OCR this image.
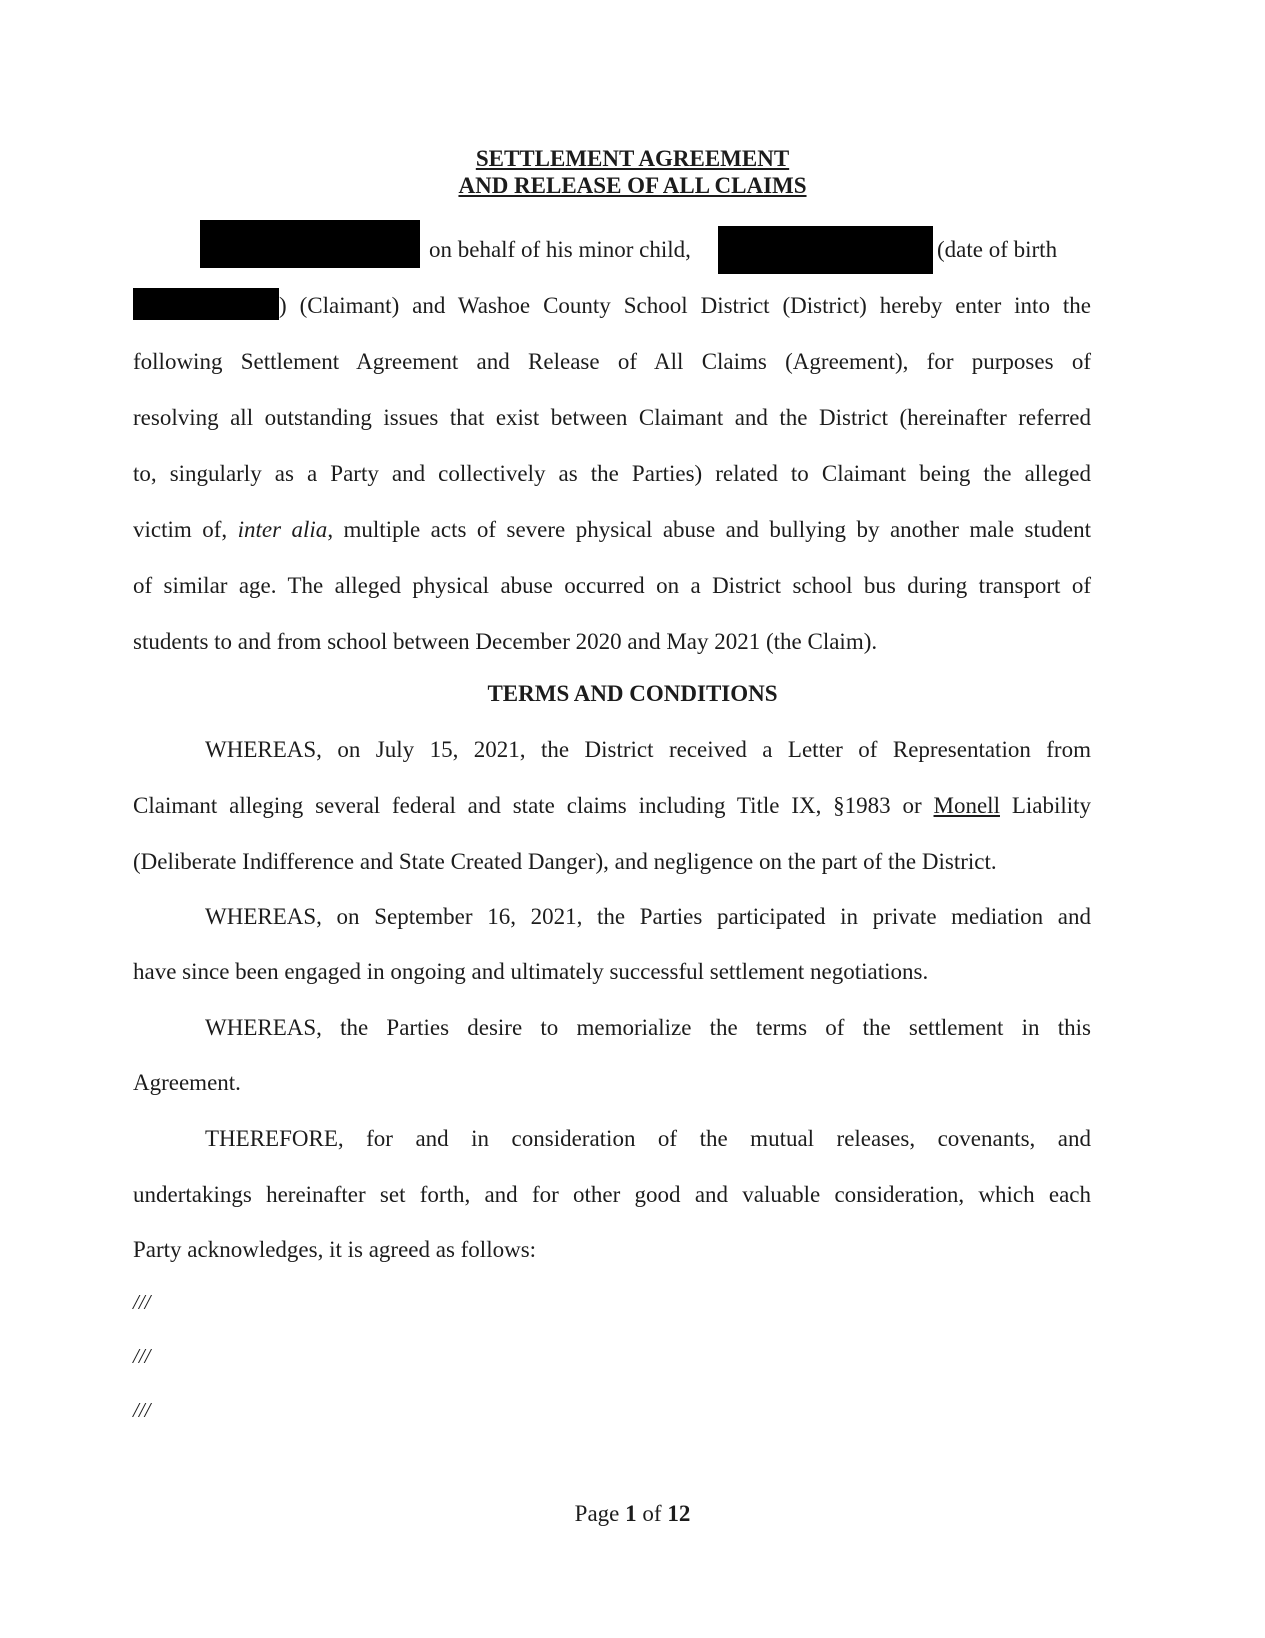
SETTLEMENT AGREEMENT
AND RELEASE OF ALL CLAIMS
on behalf of his minor child,	(date of birth
) (Claimant) and Washoe County School District (District) hereby enter into the
following Settlement Agreement and Release of All Claims (Agreement), for purposes of
resolving all outstanding issues that exist between Claimant and the District (hereinafter referred
to, singularly as a Party and collectively as the Parties) related to Claimant being the alleged
victim of, inter alia, multiple acts of severe physical abuse and bullying by another male student
of similar age. The alleged physical abuse occurred on a District school bus during transport of
students to and from school between December 2020 and May 2021 (the Claim).
TERMS AND CONDITIONS
WHEREAS, on July 15, 2021, the District received a Letter of Representation from
Claimant alleging several federal and state claims including Title IX, §1983 or Monell Liability
(Deliberate Indifference and State Created Danger), and negligence on the part of the District.
WHEREAS, on September 16, 2021, the Parties participated in private mediation and
have since been engaged in ongoing and ultimately successful settlement negotiations.
WHEREAS, the Parties desire to memorialize the terms of the settlement in this
Agreement.
THEREFORE, for and in consideration of the mutual releases, covenants, and
undertakings hereinafter set forth, and for other good and valuable consideration, which each
Party acknowledges, it is agreed as follows:
///
///
///
Page 1 of 12
